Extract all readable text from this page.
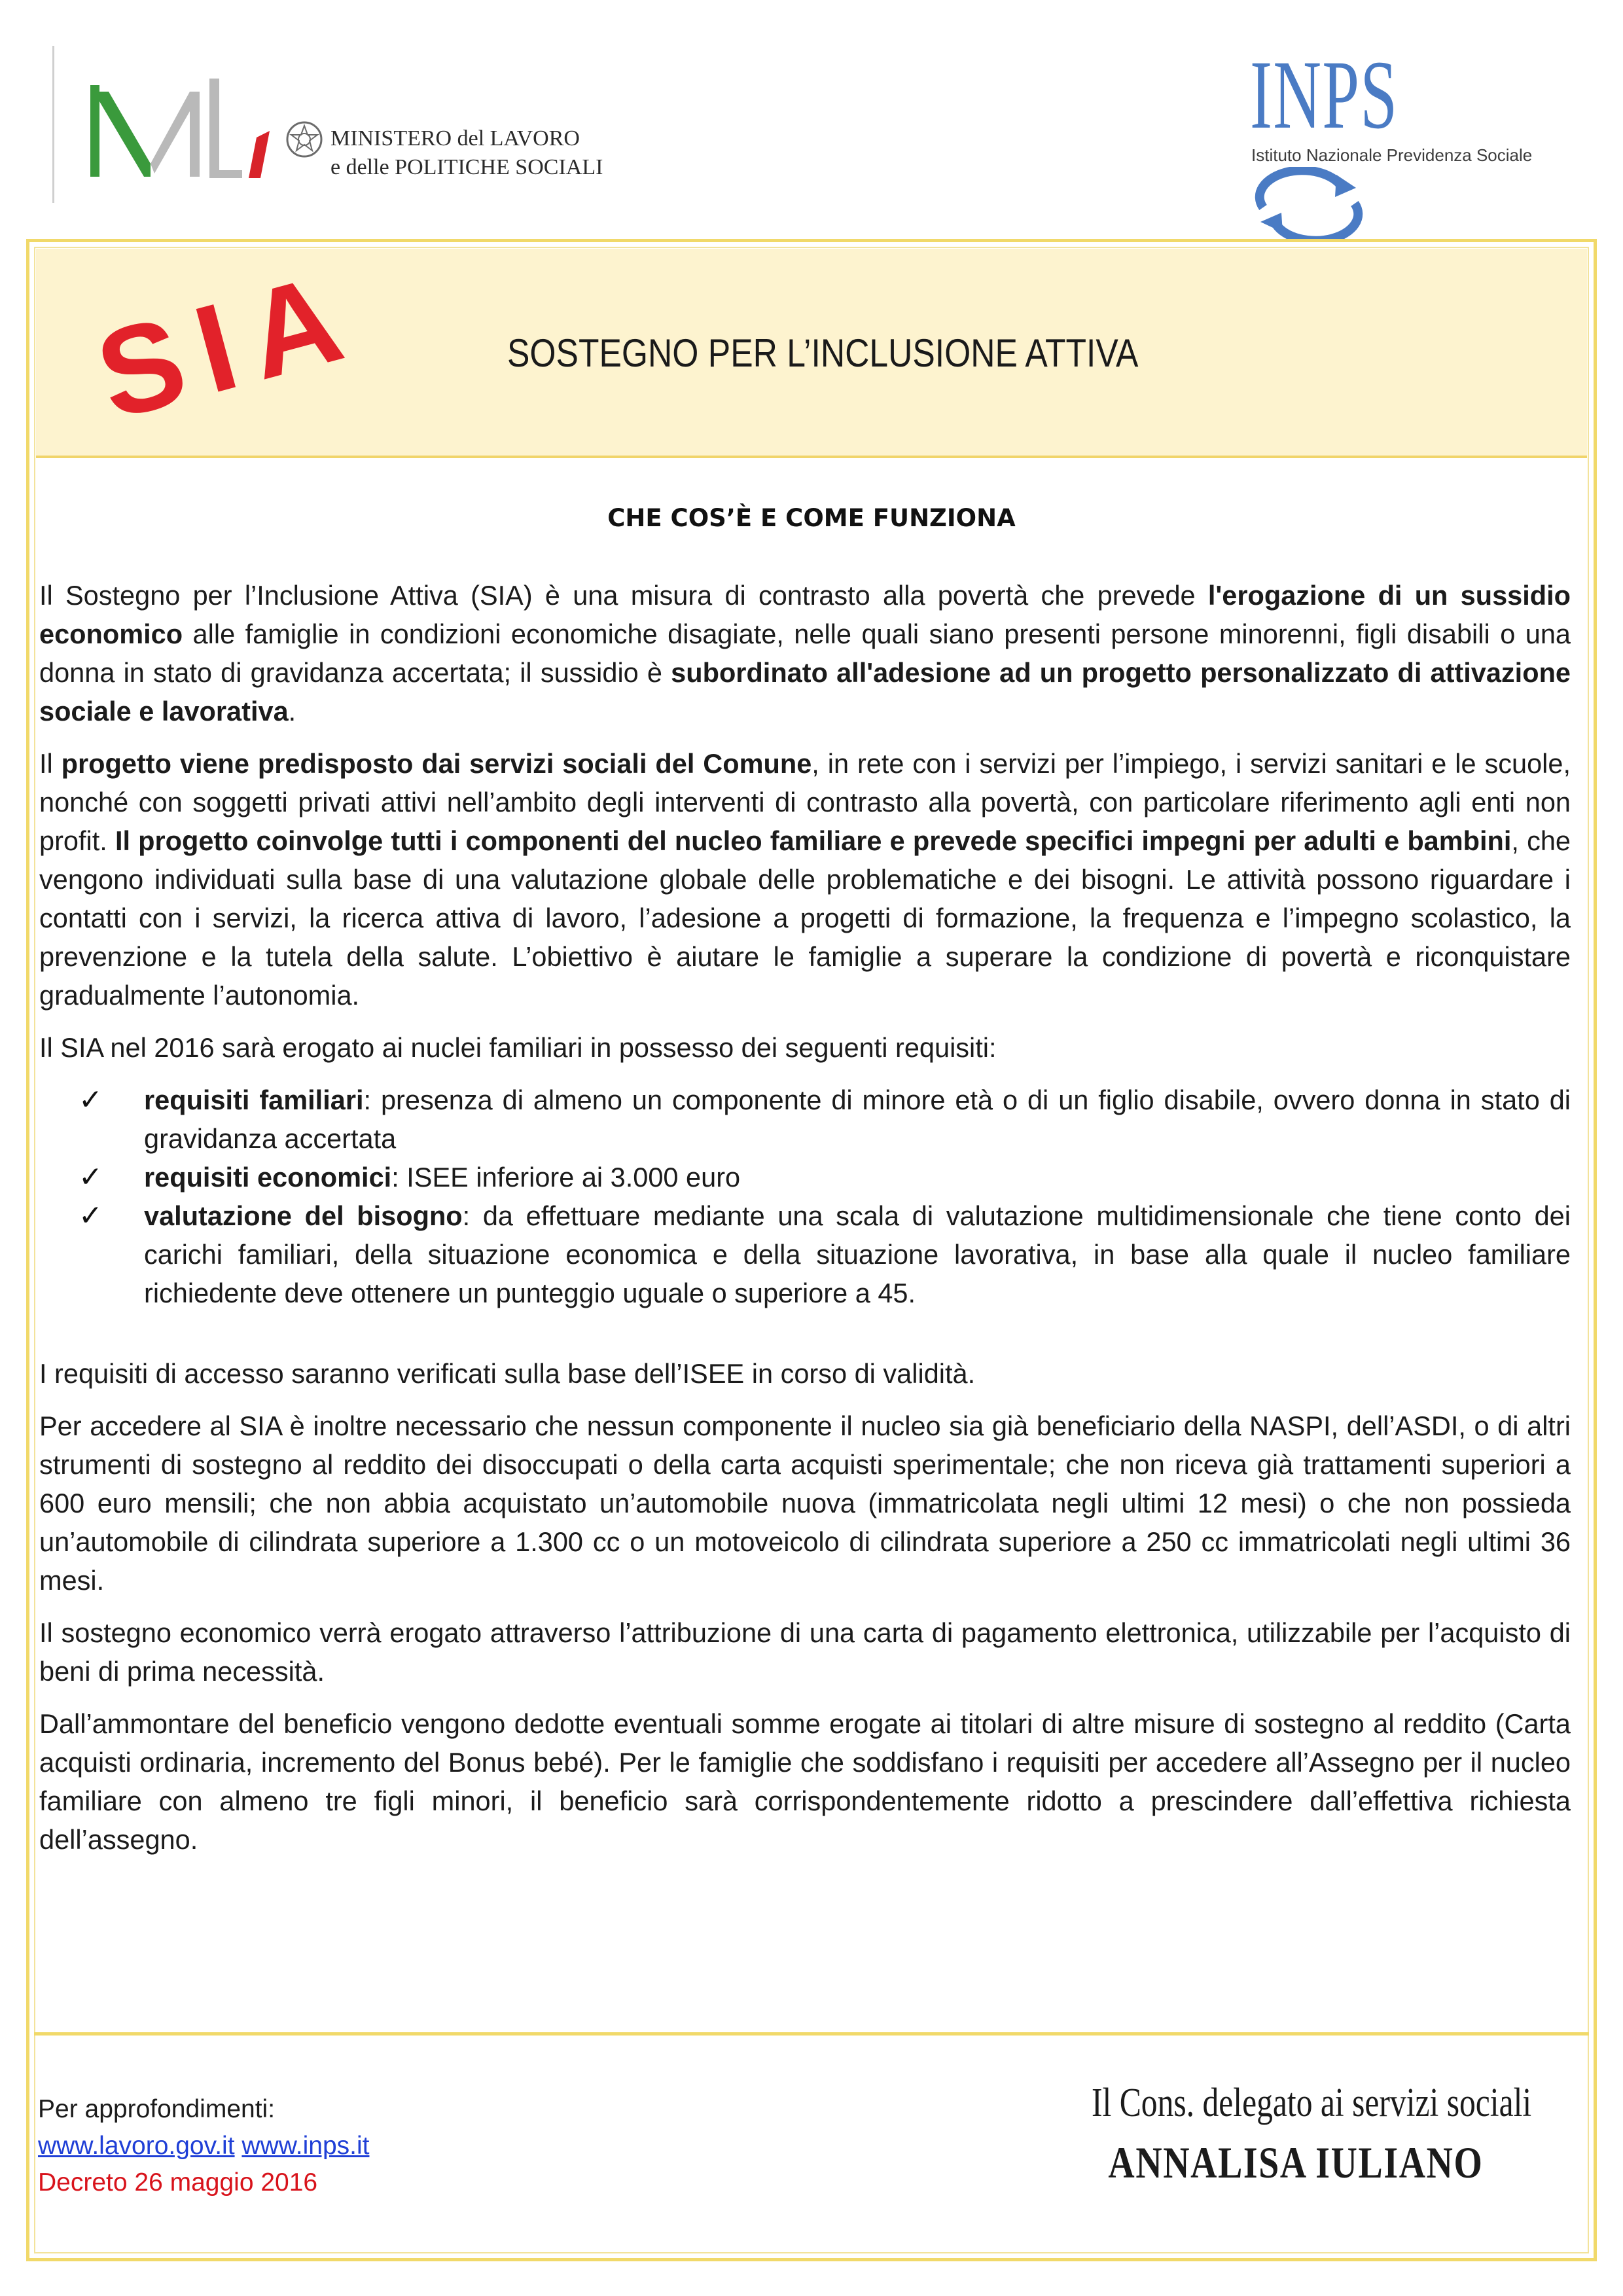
MINISTERO del LAVORO
e delle POLITICHE SOCIALI
INPS
Istituto Nazionale Previdenza Sociale
SIA	SOSTEGNO PER L’INCLUSIONE ATTIVA
CHE COS’È E COME FUNZIONA

Il Sostegno per l’Inclusione Attiva (SIA) è una misura di contrasto alla povertà che prevede l'erogazione di un sussidio economico alle famiglie in condizioni economiche disagiate, nelle quali siano presenti persone minorenni, figli disabili o una donna in stato di gravidanza accertata; il sussidio è subordinato all'adesione ad un progetto personalizzato di attivazione sociale e lavorativa.

Il progetto viene predisposto dai servizi sociali del Comune, in rete con i servizi per l’impiego, i servizi sanitari e le scuole, nonché con soggetti privati attivi nell’ambito degli interventi di contrasto alla povertà, con particolare riferimento agli enti non profit. Il progetto coinvolge tutti i componenti del nucleo familiare e prevede specifici impegni per adulti e bambini, che vengono individuati sulla base di una valutazione globale delle problematiche e dei bisogni. Le attività possono riguardare i contatti con i servizi, la ricerca attiva di lavoro, l’adesione a progetti di formazione, la frequenza e l’impegno scolastico, la prevenzione e la tutela della salute. L’obiettivo è aiutare le famiglie a superare la condizione di povertà e riconquistare gradualmente l’autonomia.

Il SIA nel 2016 sarà erogato ai nuclei familiari in possesso dei seguenti requisiti:

✓ requisiti familiari: presenza di almeno un componente di minore età o di un figlio disabile, ovvero donna in stato di gravidanza accertata
✓ requisiti economici: ISEE inferiore ai 3.000 euro
✓ valutazione del bisogno: da effettuare mediante una scala di valutazione multidimensionale che tiene conto dei carichi familiari, della situazione economica e della situazione lavorativa, in base alla quale il nucleo familiare richiedente deve ottenere un punteggio uguale o superiore a 45.

I requisiti di accesso saranno verificati sulla base dell’ISEE in corso di validità.

Per accedere al SIA è inoltre necessario che nessun componente il nucleo sia già beneficiario della NASPI, dell’ASDI, o di altri strumenti di sostegno al reddito dei disoccupati o della carta acquisti sperimentale; che non riceva già trattamenti superiori a 600 euro mensili; che non abbia acquistato un’automobile nuova (immatricolata negli ultimi 12 mesi) o che non possieda un’automobile di cilindrata superiore a 1.300 cc o un motoveicolo di cilindrata superiore a 250 cc immatricolati negli ultimi 36 mesi.

Il sostegno economico verrà erogato attraverso l’attribuzione di una carta di pagamento elettronica, utilizzabile per l’acquisto di beni di prima necessità.

Dall’ammontare del beneficio vengono dedotte eventuali somme erogate ai titolari di altre misure di sostegno al reddito (Carta acquisti ordinaria, incremento del Bonus bebé). Per le famiglie che soddisfano i requisiti per accedere all’Assegno per il nucleo familiare con almeno tre figli minori, il beneficio sarà corrispondentemente ridotto a prescindere dall’effettiva richiesta dell’assegno.

Per approfondimenti:
www.lavoro.gov.it www.inps.it
Decreto 26 maggio 2016
Il Cons. delegato ai servizi sociali
ANNALISA IULIANO
